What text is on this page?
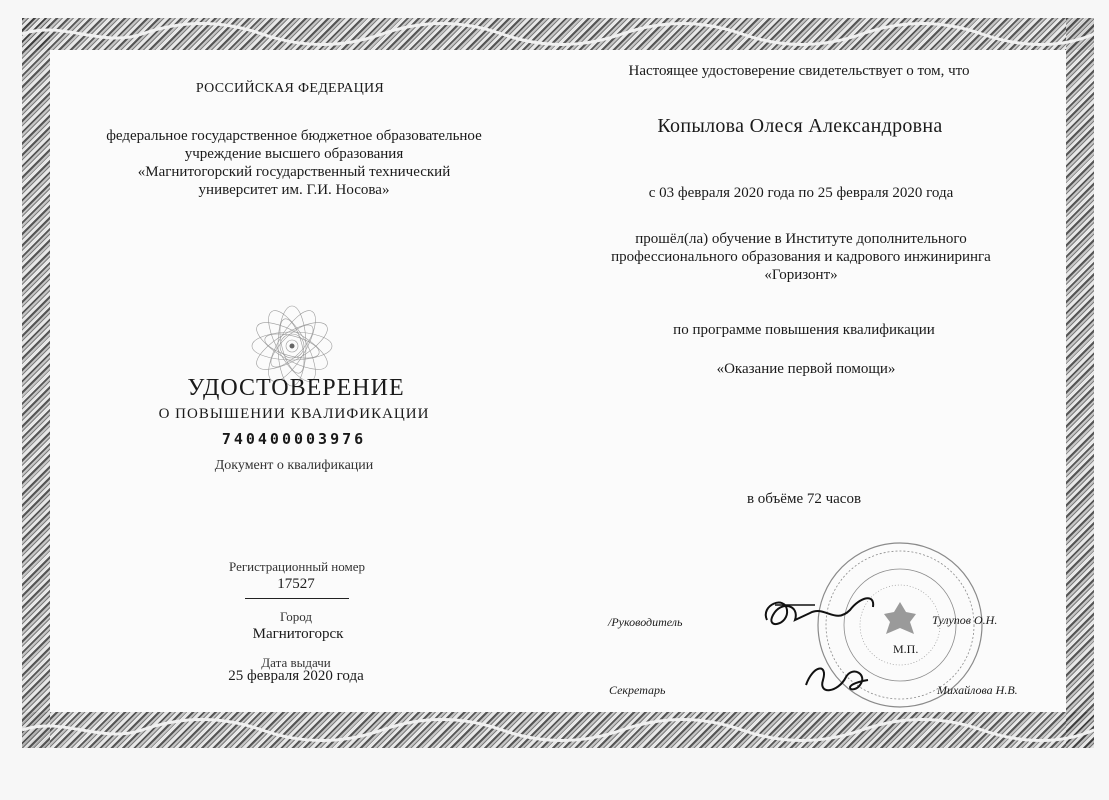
РОССИЙСКАЯ ФЕДЕРАЦИЯ
федеральное государственное бюджетное образовательное
учреждение высшего образования
«Магнитогорский государственный технический
университет им. Г.И. Носова»
УДОСТОВЕРЕНИЕ
О ПОВЫШЕНИИ КВАЛИФИКАЦИИ
740400003976
Документ о квалификации
Регистрационный номер
17527
Город
Магнитогорск
Дата выдачи
25 февраля 2020 года
Настоящее удостоверение свидетельствует о том, что
Копылова Олеся Александровна
с 03 февраля 2020 года по 25 февраля 2020 года
прошёл(ла) обучение в Институте дополнительного
профессионального образования и кадрового инжиниринга
«Горизонт»
по программе повышения квалификации
«Оказание первой помощи»
в объёме 72 часов
/Руководитель	Тулупов О.Н.
М.П.
Секретарь	Михайлова Н.В.
